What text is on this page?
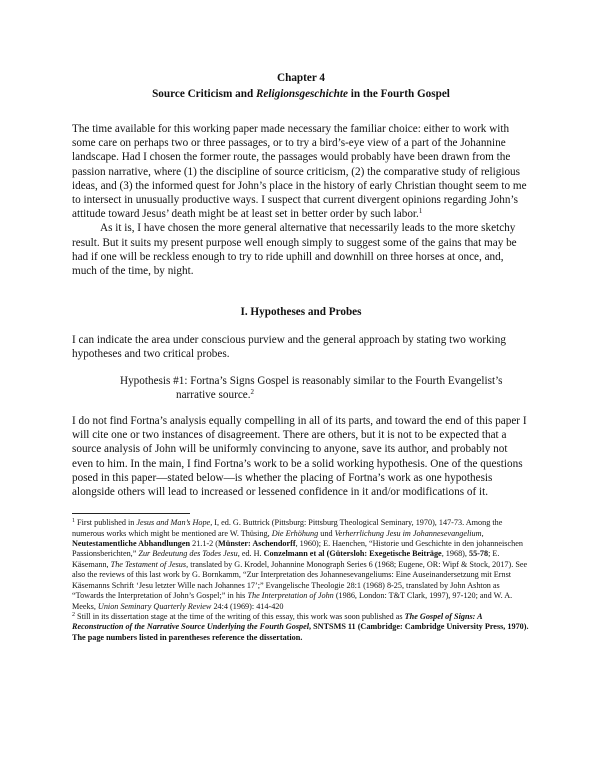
Chapter 4

Source Criticism and Religionsgeschichte in the Fourth Gospel

The time available for this working paper made necessary the familiar choice: either to work with some care on perhaps two or three passages, or to try a bird’s-eye view of a part of the Johannine landscape. Had I chosen the former route, the passages would probably have been drawn from the passion narrative, where (1) the discipline of source criticism, (2) the comparative study of religious ideas, and (3) the informed quest for John’s place in the history of early Christian thought seem to me to intersect in unusually productive ways. I suspect that current divergent opinions regarding John’s attitude toward Jesus’ death might be at least set in better order by such labor.$^1$

As it is, I have chosen the more general alternative that necessarily leads to the more sketchy result. But it suits my present purpose well enough simply to suggest some of the gains that may be had if one will be reckless enough to try to ride uphill and downhill on three horses at once, and, much of the time, by night.

I. Hypotheses and Probes

I can indicate the area under conscious purview and the general approach by stating two working hypotheses and two critical probes.

Hypothesis #1: Fortna’s Signs Gospel is reasonably similar to the Fourth Evangelist’s
narrative source.$^2$

I do not find Fortna’s analysis equally compelling in all of its parts, and toward the end of this paper I will cite one or two instances of disagreement. There are others, but it is not to be expected that a source analysis of John will be uniformly convincing to anyone, save its author, and probably not even to him. In the main, I find Fortna’s work to be a solid working hypothesis. One of the questions posed in this paper—stated below—is whether the placing of Fortna’s work as one hypothesis alongside others will lead to increased or lessened confidence in it and/or modifications of it.

$^1$ First published in Jesus and Man’s Hope, I, ed. G. Buttrick (Pittsburg: Pittsburg Theological Seminary, 1970), 147-73. Among the numerous works which might be mentioned are W. Thüsing, Die Erhöhung und Verherrlichung Jesu im Johannesevangelium, Neutestamentliche Abhandlungen 21.1-2 (Münster: Aschendorff, 1960); E. Haenchen, “Historie und Geschichte in den johanneischen Passionsberichten,” Zur Bedeutung des Todes Jesu, ed. H. Conzelmann et al (Gütersloh: Exegetische Beiträge, 1968), 55-78; E. Käsemann, The Testament of Jesus, translated by G. Krodel, Johannine Monograph Series 6 (1968; Eugene, OR: Wipf & Stock, 2017). See also the reviews of this last work by G. Bornkamm, “Zur Interpretation des Johannesevangeliums: Eine Auseinandersetzung mit Ernst Käsemanns Schrift ‘Jesu letzter Wille nach Johannes 17’;” Evangelische Theologie 28:1 (1968) 8-25, translated by John Ashton as “Towards the Interpretation of John’s Gospel;” in his The Interpretation of John (1986, London: T&T Clark, 1997), 97-120; and W. A. Meeks, Union Seminary Quarterly Review 24:4 (1969): 414-420

$^2$ Still in its dissertation stage at the time of the writing of this essay, this work was soon published as The Gospel of Signs: A Reconstruction of the Narrative Source Underlying the Fourth Gospel, SNTSMS 11 (Cambridge: Cambridge University Press, 1970). The page numbers listed in parentheses reference the dissertation.
